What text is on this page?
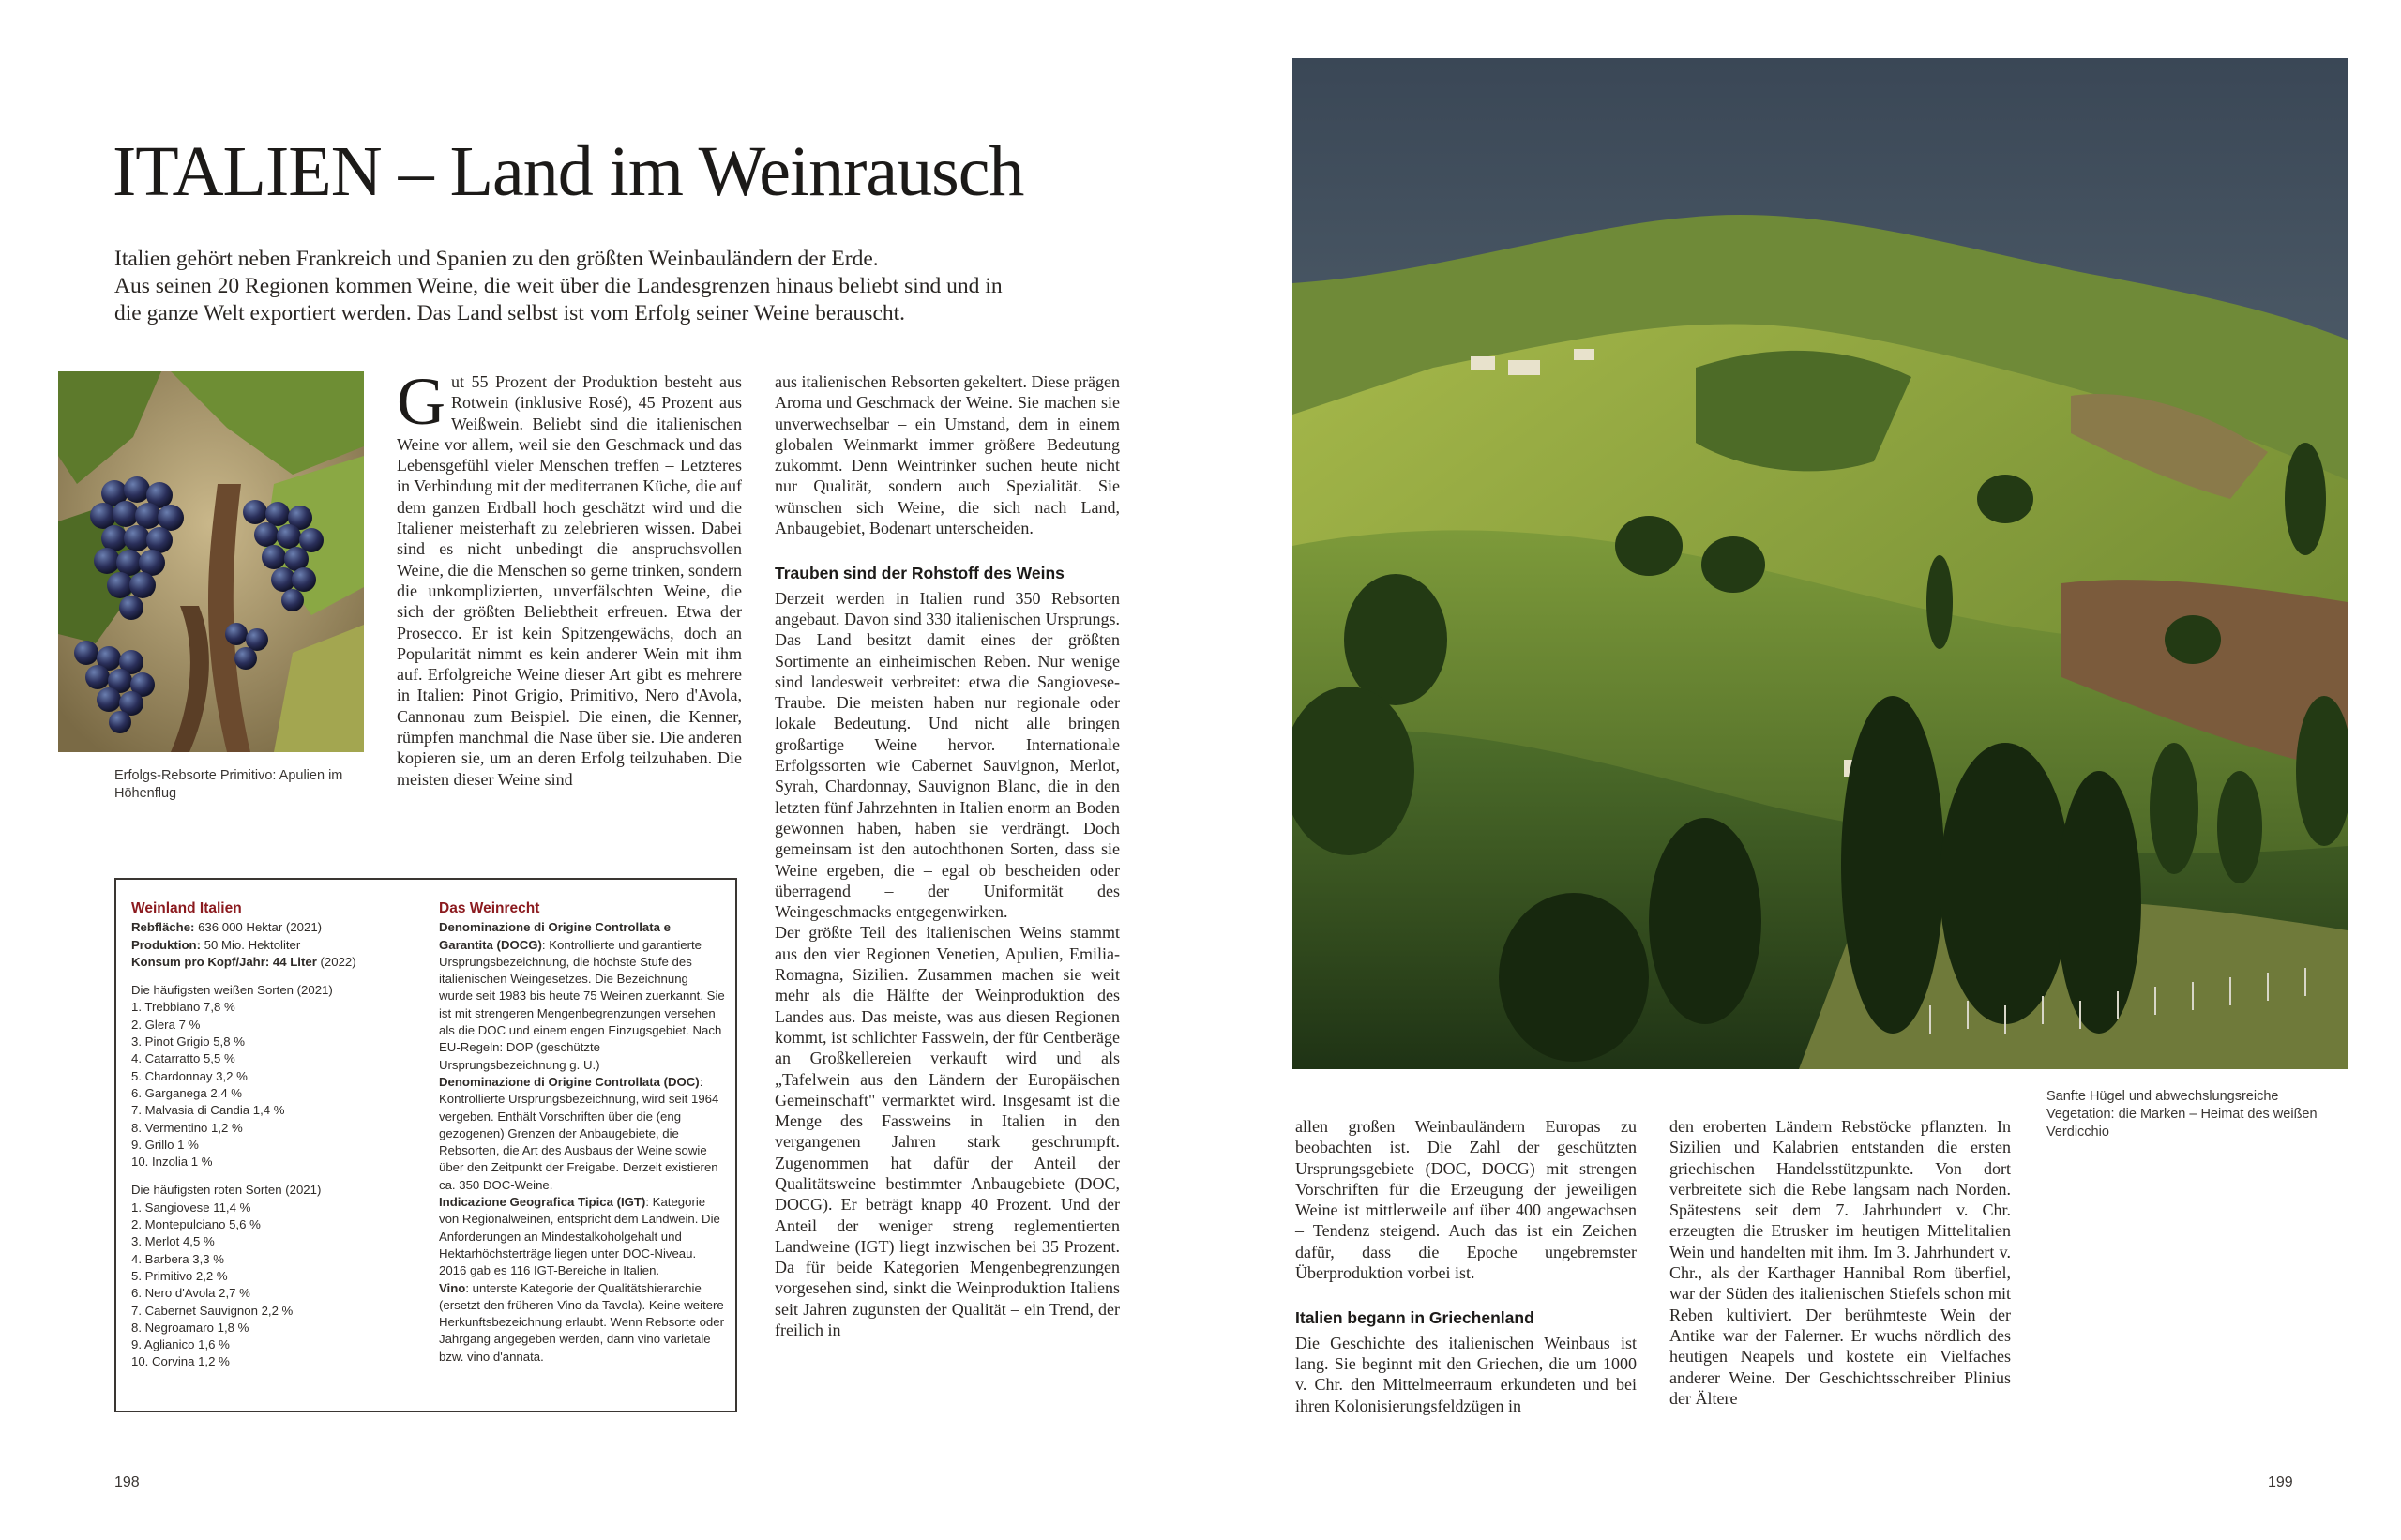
ITALIEN – Land im Weinrausch

Italien gehört neben Frankreich und Spanien zu den größten Weinbauländern der Erde.

Aus seinen 20 Regionen kommen Weine, die weit über die Landesgrenzen hinaus beliebt sind und in

die ganze Welt exportiert werden. Das Land selbst ist vom Erfolg seiner Weine berauscht.

Erfolgs-Rebsorte Primitivo: Apulien im Höhenflug

Gut 55 Prozent der Produktion besteht aus Rotwein (inklusive Rosé), 45 Prozent aus Weißwein. Beliebt sind die italienischen Weine vor allem, weil sie den Geschmack und das Lebensgefühl vieler Menschen treffen – Letzteres in Verbindung mit der mediterranen Küche, die auf dem ganzen Erdball hoch geschätzt wird und die Italiener meisterhaft zu zelebrieren wissen. Dabei sind es nicht unbedingt die anspruchsvollen Weine, die die Menschen so gerne trinken, sondern die unkomplizierten, unverfälschten Weine, die sich der größten Beliebtheit erfreuen. Etwa der Prosecco. Er ist kein Spitzengewächs, doch an Popularität nimmt es kein anderer Wein mit ihm auf. Erfolgreiche Weine dieser Art gibt es mehrere in Italien: Pinot Grigio, Primitivo, Nero d'Avola, Cannonau zum Beispiel. Die einen, die Kenner, rümpfen manchmal die Nase über sie. Die anderen kopieren sie, um an deren Erfolg teilzuhaben. Die meisten dieser Weine sind

aus italienischen Rebsorten gekeltert. Diese prägen Aroma und Geschmack der Weine. Sie machen sie unverwechselbar – ein Umstand, dem in einem globalen Weinmarkt immer größere Bedeutung zukommt. Denn Weintrinker suchen heute nicht nur Qualität, sondern auch Spezialität. Sie wünschen sich Weine, die sich nach Land, Anbaugebiet, Bodenart unterscheiden.

Trauben sind der Rohstoff des Weins

Derzeit werden in Italien rund 350 Rebsorten angebaut. Davon sind 330 italienischen Ursprungs. Das Land besitzt damit eines der größten Sortimente an einheimischen Reben. Nur wenige sind landesweit verbreitet: etwa die Sangiovese-Traube. Die meisten haben nur regionale oder lokale Bedeutung. Und nicht alle bringen großartige Weine hervor. Internationale Erfolgssorten wie Cabernet Sauvignon, Merlot, Syrah, Chardonnay, Sauvignon Blanc, die in den letzten fünf Jahrzehnten in Italien enorm an Boden gewonnen haben, haben sie verdrängt. Doch gemeinsam ist den autochthonen Sorten, dass sie Weine ergeben, die – egal ob bescheiden oder überragend – der Uniformität des Weingeschmacks entgegenwirken.

Der größte Teil des italienischen Weins stammt aus den vier Regionen Venetien, Apulien, Emilia-Romagna, Sizilien. Zusammen machen sie weit mehr als die Hälfte der Weinproduktion des Landes aus. Das meiste, was aus diesen Regionen kommt, ist schlichter Fasswein, der für Centberäge an Großkellereien verkauft wird und als „Tafelwein aus den Ländern der Europäischen Gemeinschaft" vermarktet wird. Insgesamt ist die Menge des Fassweins in Italien in den vergangenen Jahren stark geschrumpft. Zugenommen hat dafür der Anteil der Qualitätsweine bestimmter Anbaugebiete (DOC, DOCG). Er beträgt knapp 40 Prozent. Und der Anteil der weniger streng reglementierten Landweine (IGT) liegt inzwischen bei 35 Prozent. Da für beide Kategorien Mengenbegrenzungen vorgesehen sind, sinkt die Weinproduktion Italiens seit Jahren zugunsten der Qualität – ein Trend, der freilich in

Weinland Italien
Rebfläche: 636 000 Hektar (2021)
Produktion: 50 Mio. Hektoliter
Konsum pro Kopf/Jahr: 44 Liter (2022)
Die häufigsten weißen Sorten (2021)
1. Trebbiano 7,8 %
2. Glera 7 %
3. Pinot Grigio 5,8 %
4. Catarratto 5,5 %
5. Chardonnay 3,2 %
6. Garganega 2,4 %
7. Malvasia di Candia 1,4 %
8. Vermentino 1,2 %
9. Grillo 1 %
10. Inzolia 1 %
Die häufigsten roten Sorten (2021)
1. Sangiovese 11,4 %
2. Montepulciano 5,6 %
3. Merlot 4,5 %
4. Barbera 3,3 %
5. Primitivo 2,2 %
6. Nero d'Avola 2,7 %
7. Cabernet Sauvignon 2,2 %
8. Negroamaro 1,8 %
9. Aglianico 1,6 %
10. Corvina 1,2 %
Das Weinrecht
Denominazione di Origine Controllata e Garantita (DOCG): Kontrollierte und garantierte Ursprungsbezeichnung, die höchste Stufe des italienischen Weingesetzes. Die Bezeichnung wurde seit 1983 bis heute 75 Weinen zuerkannt. Sie ist mit strengeren Mengenbegrenzungen versehen als die DOC und einem engen Einzugsgebiet. Nach EU-Regeln: DOP (geschützte Ursprungsbezeichnung g. U.)
Denominazione di Origine Controllata (DOC): Kontrollierte Ursprungsbezeichnung, wird seit 1964 vergeben. Enthält Vorschriften über die (eng gezogenen) Grenzen der Anbaugebiete, die Rebsorten, die Art des Ausbaus der Weine sowie über den Zeitpunkt der Freigabe. Derzeit existieren ca. 350 DOC-Weine.
Indicazione Geografica Tipica (IGT): Kategorie von Regionalweinen, entspricht dem Landwein. Die Anforderungen an Mindestalkoholgehalt und Hektarhöchsterträge liegen unter DOC-Niveau. 2016 gab es 116 IGT-Bereiche in Italien.
Vino: unterste Kategorie der Qualitätshierarchie (ersetzt den früheren Vino da Tavola). Keine weitere Herkunftsbezeichnung erlaubt. Wenn Rebsorte oder Jahrgang angegeben werden, dann vino varietale bzw. vino d'annata.
198
Sanfte Hügel und abwechslungsreiche Vegetation: die Marken – Heimat des weißen Verdicchio

allen großen Weinbauländern Europas zu beobachten ist. Die Zahl der geschützten Ursprungsgebiete (DOC, DOCG) mit strengen Vorschriften für die Erzeugung der jeweiligen Weine ist mittlerweile auf über 400 angewachsen – Tendenz steigend. Auch das ist ein Zeichen dafür, dass die Epoche ungebremster Überproduktion vorbei ist.

Italien begann in Griechenland

Die Geschichte des italienischen Weinbaus ist lang. Sie beginnt mit den Griechen, die um 1000 v. Chr. den Mittelmeerraum erkundeten und bei ihren Kolonisierungsfeldzügen in

den eroberten Ländern Rebstöcke pflanzten. In Sizilien und Kalabrien entstanden die ersten griechischen Handelsstützpunkte. Von dort verbreitete sich die Rebe langsam nach Norden. Spätestens seit dem 7. Jahrhundert v. Chr. erzeugten die Etrusker im heutigen Mittelitalien Wein und handelten mit ihm. Im 3. Jahrhundert v. Chr., als der Karthager Hannibal Rom überfiel, war der Süden des italienischen Stiefels schon mit Reben kultiviert. Der berühmteste Wein der Antike war der Falerner. Er wuchs nördlich des heutigen Neapels und kostete ein Vielfaches anderer Weine. Der Geschichtsschreiber Plinius der Ältere

199
